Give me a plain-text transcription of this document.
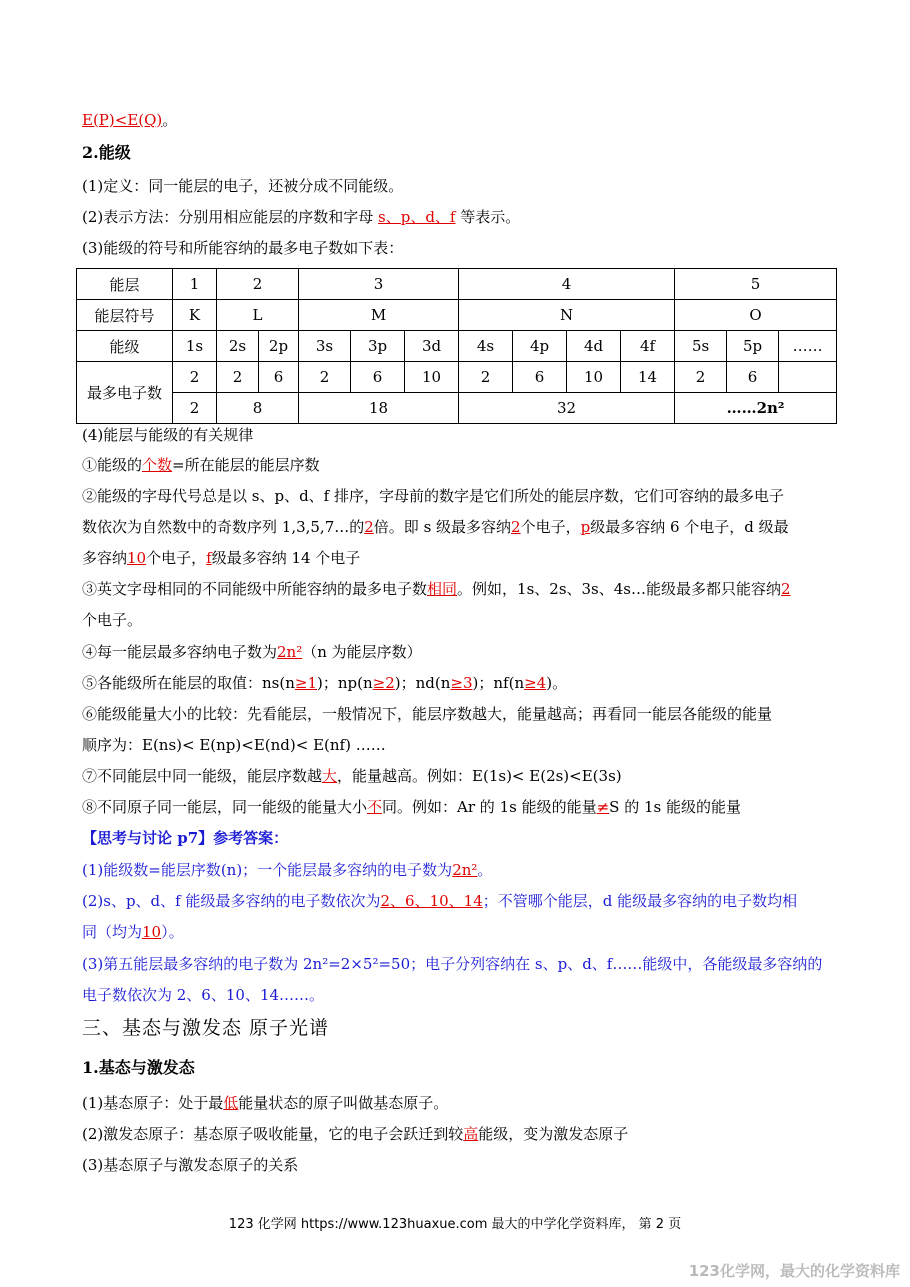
E(P)<E(Q)。
2.能级
(1)定义：同一能层的电子，还被分成不同能级。
(2)表示方法：分别用相应能层的序数和字母 s、p、d、f 等表示。
(3)能级的符号和所能容纳的最多电子数如下表：
能层	1	2		3			4				5		
能层符号	K	L		M			N				O		
能级	1s	2s	2p	3s	3p	3d	4s	4p	4d	4f	5s	5p	……
最多电子数	2	2	6	2	6	10	2	6	10	14	2	6	
	2	8		18			32				……2n²		
(4)能层与能级的有关规律
①能级的个数=所在能层的能层序数
②能级的字母代号总是以 s、p、d、f 排序，字母前的数字是它们所处的能层序数，它们可容纳的最多电子
数依次为自然数中的奇数序列 1,3,5,7…的2倍。即 s 级最多容纳2个电子，p级最多容纳 6 个电子，d 级最
多容纳10个电子，f级最多容纳 14 个电子
③英文字母相同的不同能级中所能容纳的最多电子数相同。例如，1s、2s、3s、4s…能级最多都只能容纳2
个电子。
④每一能层最多容纳电子数为2n²（n 为能层序数）
⑤各能级所在能层的取值：ns(n≥1)；np(n≥2)；nd(n≥3)；nf(n≥4)。
⑥能级能量大小的比较：先看能层，一般情况下，能层序数越大，能量越高；再看同一能层各能级的能量
顺序为：E(ns)< E(np)<E(nd)< E(nf) ……
⑦不同能层中同一能级，能层序数越大，能量越高。例如：E(1s)< E(2s)<E(3s)
⑧不同原子同一能层，同一能级的能量大小不同。例如：Ar 的 1s 能级的能量≠S 的 1s 能级的能量
【思考与讨论 p7】参考答案：
(1)能级数=能层序数(n)；一个能层最多容纳的电子数为2n²。
(2)s、p、d、f 能级最多容纳的电子数依次为2、6、10、14；不管哪个能层，d 能级最多容纳的电子数均相
同（均为10）。
(3)第五能层最多容纳的电子数为 2n²=2×5²=50；电子分列容纳在 s、p、d、f……能级中，各能级最多容纳的
电子数依次为 2、6、10、14……。
三、基态与激发态 原子光谱
1.基态与激发态
(1)基态原子：处于最低能量状态的原子叫做基态原子。
(2)激发态原子：基态原子吸收能量，它的电子会跃迁到较高能级，变为激发态原子
(3)基态原子与激发态原子的关系
123 化学网 https://www.123huaxue.com 最大的中学化学资料库， 第 2 页
123化学网，最大的化学资料库
